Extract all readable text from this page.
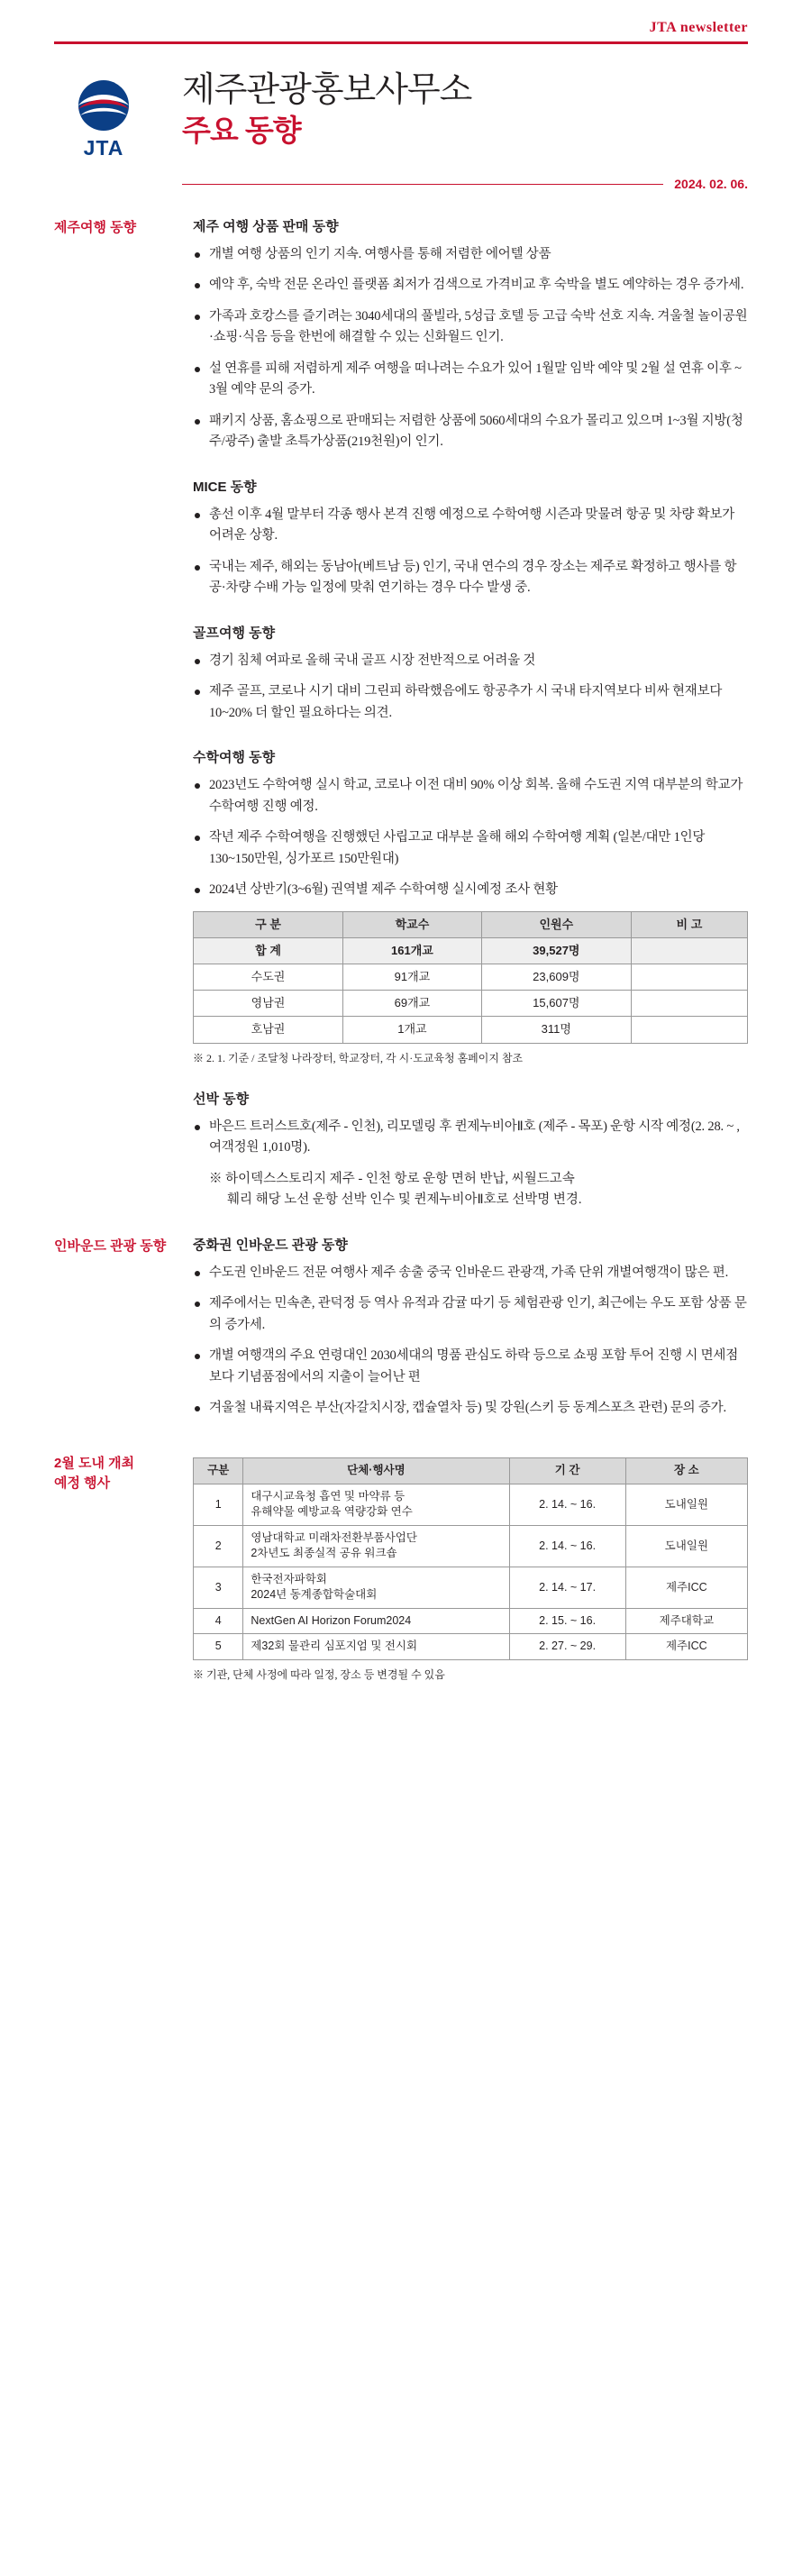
JTA newsletter
JTA
제주관광홍보사무소
주요 동향
2024. 02. 06.
제주여행 동향	제주 여행 상품 판매 동향
개별 여행 상품의 인기 지속. 여행사를 통해 저렴한 에어텔 상품
예약 후, 숙박 전문 온라인 플랫폼 최저가 검색으로 가격비교 후 숙박을 별도 예약하는 경우 증가세.
가족과 호캉스를 즐기려는 3040세대의 풀빌라, 5성급 호텔 등 고급 숙박 선호 지속. 겨울철 놀이공원·쇼핑·식음 등을 한번에 해결할 수 있는 신화월드 인기.
설 연휴를 피해 저렴하게 제주 여행을 떠나려는 수요가 있어 1월말 임박 예약 및 2월 설 연휴 이후 ~ 3월 예약 문의 증가.
패키지 상품, 홈쇼핑으로 판매되는 저렴한 상품에 5060세대의 수요가 몰리고 있으며 1~3월 지방(청주/광주) 출발 초특가상품(219천원)이 인기.
MICE 동향
총선 이후 4월 말부터 각종 행사 본격 진행 예정으로 수학여행 시즌과 맞물려 항공 및 차량 확보가 어려운 상황.
국내는 제주, 해외는 동남아(베트남 등) 인기, 국내 연수의 경우 장소는 제주로 확정하고 행사를 항공·차량 수배 가능 일정에 맞춰 연기하는 경우 다수 발생 중.
골프여행 동향
경기 침체 여파로 올해 국내 골프 시장 전반적으로 어려울 것
제주 골프, 코로나 시기 대비 그린피 하락했음에도 항공추가 시 국내 타지역보다 비싸 현재보다 10~20% 더 할인 필요하다는 의견.
수학여행 동향
2023년도 수학여행 실시 학교, 코로나 이전 대비 90% 이상 회복. 올해 수도권 지역 대부분의 학교가 수학여행 진행 예정.
작년 제주 수학여행을 진행했던 사립고교 대부분 올해 해외 수학여행 계획 (일본/대만 1인당 130~150만원, 싱가포르 150만원대)
2024년 상반기(3~6월) 권역별 제주 수학여행 실시예정 조사 현황
구 분	학교수	인원수	비 고
합 계	161개교	39,527명	
수도권	91개교	23,609명	
영남권	69개교	15,607명	
호남권	1개교	311명	
※ 2. 1. 기준 / 조달청 나라장터, 학교장터, 각 시·도교육청 홈페이지 참조
선박 동향
바은드 트러스트호(제주 - 인천), 리모델링 후 퀸제누비아Ⅱ호 (제주 - 목포) 운항 시작 예정(2. 28. ~ , 여객정원 1,010명).
※ 하이덱스스토리지 제주 - 인천 항로 운항 면허 반납, 씨월드고속
훼리 해당 노선 운항 선박 인수 및 퀸제누비아Ⅱ호로 선박명 변경.
인바운드 관광 동향	중화권 인바운드 관광 동향
수도권 인바운드 전문 여행사 제주 송출 중국 인바운드 관광객, 가족 단위 개별여행객이 많은 편.
제주에서는 민속촌, 관덕정 등 역사 유적과 감귤 따기 등 체험관광 인기, 최근에는 우도 포함 상품 문의 증가세.
개별 여행객의 주요 연령대인 2030세대의 명품 관심도 하락 등으로 쇼핑 포함 투어 진행 시 면세점보다 기념품점에서의 지출이 늘어난 편
겨울철 내륙지역은 부산(자갈치시장, 캡슐열차 등) 및 강원(스키 등 동계스포츠 관련) 문의 증가.
2월 도내 개최
예정 행사
구분	단체·행사명	기 간	장 소
1	대구시교육청 흡연 및 마약류 등
유해약물 예방교육 역량강화 연수	2. 14. ~ 16.	도내일원
2	영남대학교 미래차전환부품사업단
2차년도 최종실적 공유 워크숍	2. 14. ~ 16.	도내일원
3	한국전자파학회
2024년 동계종합학술대회	2. 14. ~ 17.	제주ICC
4	NextGen AI Horizon Forum2024	2. 15. ~ 16.	제주대학교
5	제32회 물관리 심포지엄 및 전시회	2. 27. ~ 29.	제주ICC
※ 기관, 단체 사정에 따라 일정, 장소 등 변경될 수 있음
